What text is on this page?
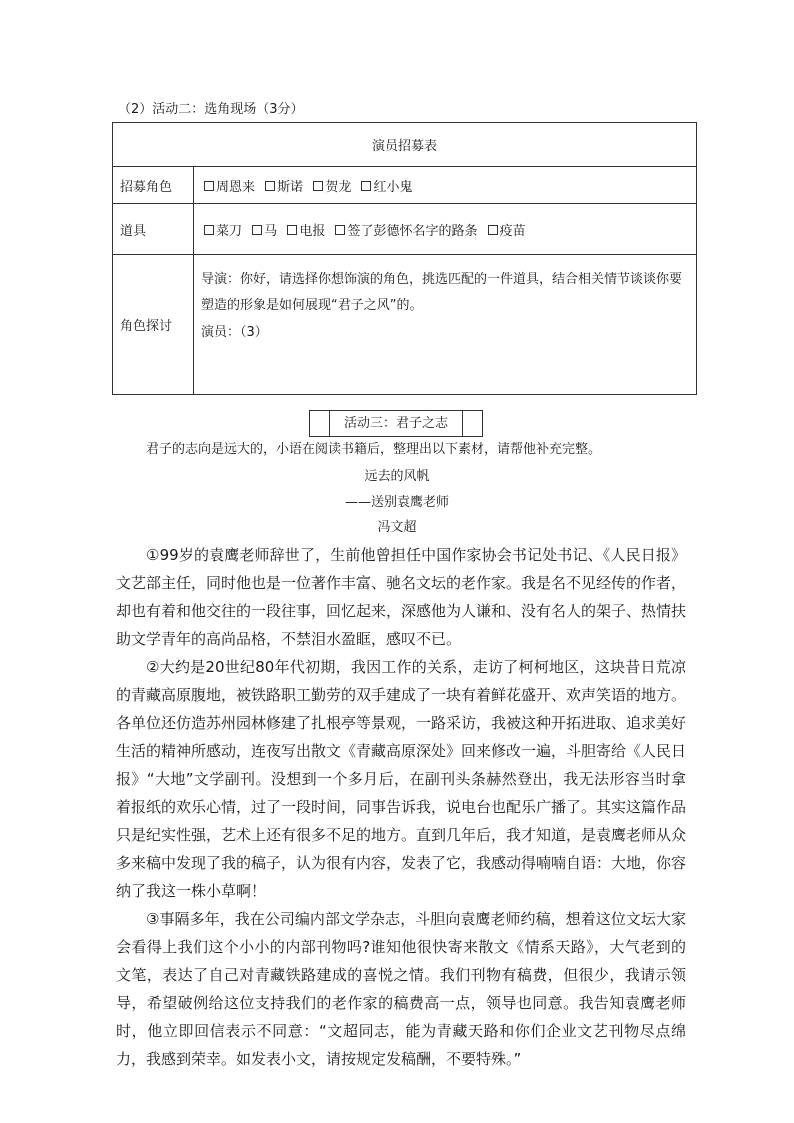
（2）活动二：选角现场（3分）
演员招募表	
招募角色	周恩来 斯诺 贺龙 红小鬼
道具	菜刀 马 电报 签了彭德怀名字的路条 疫苗
角色探讨	导演：你好，请选择你想饰演的角色，挑选匹配的一件道具，结合相关情节谈谈你要塑造的形象是如何展现“君子之风”的。

演员：（3）

活动三：君子之志
君子的志向是远大的，小语在阅读书籍后，整理出以下素材，请帮他补充完整。
远去的风帆
——送别袁鹰老师
冯文超

①99岁的袁鹰老师辞世了，生前他曾担任中国作家协会书记处书记、《人民日报》文艺部主任，同时他也是一位著作丰富、驰名文坛的老作家。我是名不见经传的作者，却也有着和他交往的一段往事，回忆起来，深感他为人谦和、没有名人的架子、热情扶助文学青年的高尚品格，不禁泪水盈眶，感叹不已。

②大约是20世纪80年代初期，我因工作的关系，走访了柯柯地区，这块昔日荒凉的青藏高原腹地，被铁路职工勤劳的双手建成了一块有着鲜花盛开、欢声笑语的地方。各单位还仿造苏州园林修建了扎根亭等景观，一路采访，我被这种开拓进取、追求美好生活的精神所感动，连夜写出散文《青藏高原深处》回来修改一遍，斗胆寄给《人民日报》“大地”文学副刊。没想到一个多月后，在副刊头条赫然登出，我无法形容当时拿着报纸的欢乐心情，过了一段时间，同事告诉我，说电台也配乐广播了。其实这篇作品只是纪实性强，艺术上还有很多不足的地方。直到几年后，我才知道，是袁鹰老师从众多来稿中发现了我的稿子，认为很有内容，发表了它，我感动得喃喃自语：大地，你容纳了我这一株小草啊！

③事隔多年，我在公司编内部文学杂志，斗胆向袁鹰老师约稿，想着这位文坛大家会看得上我们这个小小的内部刊物吗?谁知他很快寄来散文《情系天路》，大气老到的文笔，表达了自己对青藏铁路建成的喜悦之情。我们刊物有稿费，但很少，我请示领导，希望破例给这位支持我们的老作家的稿费高一点，领导也同意。我告知袁鹰老师时，他立即回信表示不同意：“文超同志，能为青藏天路和你们企业文艺刊物尽点绵力，我感到荣幸。如发表小文，请按规定发稿酬，不要特殊。”
